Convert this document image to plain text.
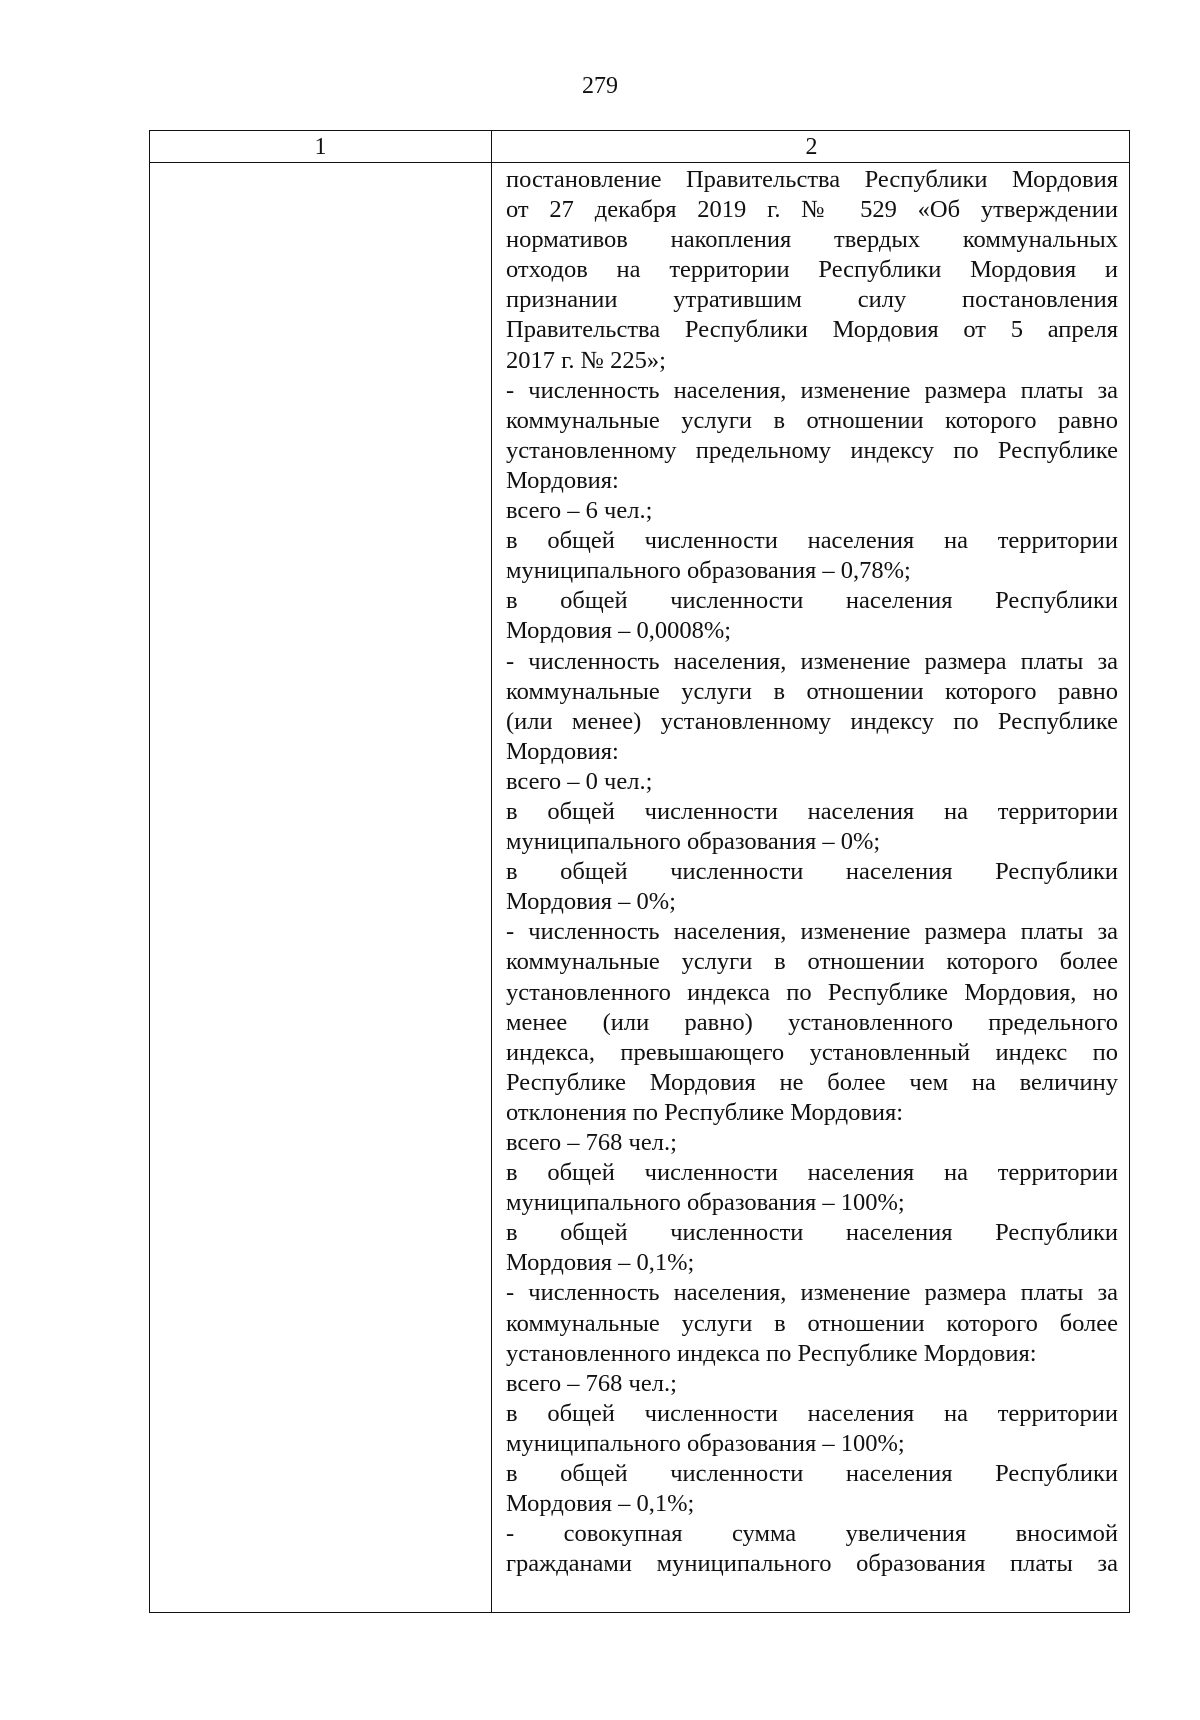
279
1	2
постановление Правительства Республики Мордовия
от 27 декабря 2019 г. № 529 «Об утверждении
нормативов накопления твердых коммунальных
отходов на территории Республики Мордовия и
признании утратившим силу постановления
Правительства Республики Мордовия от 5 апреля
2017 г. № 225»;
- численность населения, изменение размера платы за
коммунальные услуги в отношении которого равно
установленному предельному индексу по Республике
Мордовия:
всего – 6 чел.;
в общей численности населения на территории
муниципального образования – 0,78%;
в общей численности населения Республики
Мордовия – 0,0008%;
- численность населения, изменение размера платы за
коммунальные услуги в отношении которого равно
(или менее) установленному индексу по Республике
Мордовия:
всего – 0 чел.;
в общей численности населения на территории
муниципального образования – 0%;
в общей численности населения Республики
Мордовия – 0%;
- численность населения, изменение размера платы за
коммунальные услуги в отношении которого более
установленного индекса по Республике Мордовия, но
менее (или равно) установленного предельного
индекса, превышающего установленный индекс по
Республике Мордовия не более чем на величину
отклонения по Республике Мордовия:
всего – 768 чел.;
в общей численности населения на территории
муниципального образования – 100%;
в общей численности населения Республики
Мордовия – 0,1%;
- численность населения, изменение размера платы за
коммунальные услуги в отношении которого более
установленного индекса по Республике Мордовия:
всего – 768 чел.;
в общей численности населения на территории
муниципального образования – 100%;
в общей численности населения Республики
Мордовия – 0,1%;
- совокупная сумма увеличения вносимой
гражданами муниципального образования платы за
